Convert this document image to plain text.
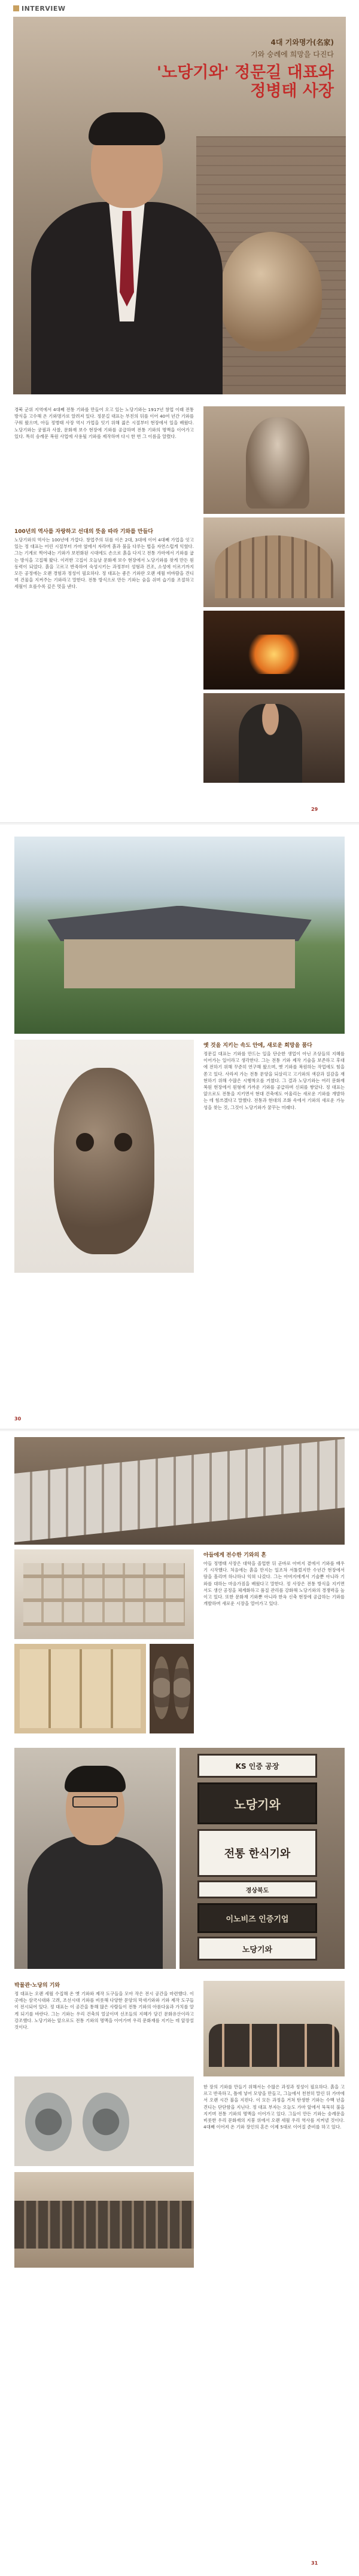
INTERVIEW
4대 기와명가(名家)
기와 숭례에 희망을 다진다
'노당기와' 정문길 대표와
정병태 사장

경북 군위 지역에서 4대째 전통 기와를 만들어 오고 있는 노당기와는 1917년 창업 이래 전통 방식을 고수해 온 기와명가로 알려져 있다. 정문길 대표는 부친의 뒤를 이어 40여 년간 기와를 구워 왔으며, 아들 정병태 사장 역시 가업을 잇기 위해 젊은 시절부터 현장에서 일을 배웠다. 노당기와는 궁궐과 사찰, 문화재 보수 현장에 기와를 공급하며 전통 기와의 명맥을 이어가고 있다. 특히 숭례문 복원 사업에 사용될 기와를 제작하며 다시 한 번 그 이름을 알렸다.

100년의 역사를 자랑하고 선대의 뜻을 따라 기와를 만들다

노당기와의 역사는 100년에 가깝다. 창업주의 뒤를 이은 2대, 3대에 이어 4대째 가업을 잇고 있는 정 대표는 어린 시절부터 가마 옆에서 자라며 흙과 불을 다루는 법을 자연스럽게 익혔다. 그는 기계로 찍어내는 기와가 보편화된 시대에도 손으로 흙을 다지고 전통 가마에서 기와를 굽는 방식을 고집해 왔다. 이러한 고집이 오늘날 문화재 보수 현장에서 노당기와를 찾게 만든 원동력이 되었다. 흙을 고르고 반죽하여 숙성시키는 과정부터 성형과 건조, 소성에 이르기까지 모든 공정에는 오랜 경험과 정성이 필요하다. 정 대표는 좋은 기와란 오랜 세월 비바람을 견디며 건물을 지켜주는 기와라고 말한다. 전통 방식으로 만든 기와는 숨을 쉬며 습기를 조절하고 세월이 흐를수록 깊은 멋을 낸다.

29
옛 것을 지키는 속도 안에, 새로운 희망을 품다

정문길 대표는 기와를 만드는 일을 단순한 생업이 아닌 조상들의 지혜를 이어가는 일이라고 생각한다. 그는 전통 기와 제작 기술을 보존하고 후대에 전하기 위해 꾸준히 연구해 왔으며, 옛 기와를 복원하는 작업에도 힘을 쏟고 있다. 사라져 가는 전통 문양을 되살리고 고기와의 색감과 질감을 재현하기 위해 수많은 시행착오를 거쳤다. 그 결과 노당기와는 여러 문화재 복원 현장에서 원형에 가까운 기와를 공급하며 신뢰를 쌓았다. 정 대표는 앞으로도 전통을 지키면서 현대 건축에도 어울리는 새로운 기와를 개발하는 데 힘쓰겠다고 말했다. 전통과 현대의 조화 속에서 기와의 새로운 가능성을 찾는 것, 그것이 노당기와가 꿈꾸는 미래다.

30
아들에게 전수한 기와의 혼

아들 정병태 사장은 대학을 졸업한 뒤 곧바로 아버지 곁에서 기와를 배우기 시작했다. 처음에는 흙을 만지는 일조차 서툴렀지만 수년간 현장에서 땀을 흘리며 하나하나 익혀 나갔다. 그는 아버지에게서 기술뿐 아니라 기와를 대하는 마음가짐을 배웠다고 말한다. 정 사장은 전통 방식을 지키면서도 생산 공정을 체계화하고 품질 관리를 강화해 노당기와의 경쟁력을 높이고 있다. 또한 문화재 기와뿐 아니라 한옥 신축 현장에 공급하는 기와를 개발하며 새로운 시장을 열어가고 있다.

KS 인증 공장
노당기와
전통 한식기와
경상북도
이노비즈 인증기업
노당기와
박물관·노당의 기와

정 대표는 오랜 세월 수집해 온 옛 기와와 제작 도구들을 모아 작은 전시 공간을 마련했다. 이곳에는 삼국시대와 고려, 조선시대 기와를 비롯해 다양한 문양의 막새기와와 기와 제작 도구들이 전시되어 있다. 정 대표는 이 공간을 통해 많은 사람들이 전통 기와의 아름다움과 가치를 알게 되기를 바란다. 그는 기와는 우리 건축의 얼굴이며 선조들의 지혜가 담긴 문화유산이라고 강조했다. 노당기와는 앞으로도 전통 기와의 명맥을 이어가며 우리 문화재를 지키는 데 앞장설 것이다.

한 장의 기와를 만들기 위해서는 수많은 과정과 정성이 필요하다. 흙을 고르고 반죽하고, 틀에 넣어 모양을 만들고, 그늘에서 천천히 말린 뒤 가마에서 오랜 시간 불을 지핀다. 이 모든 과정을 거쳐 탄생한 기와는 수백 년을 견디는 단단함을 지닌다. 정 대표 부자는 오늘도 가마 앞에서 묵묵히 불을 지키며 전통 기와의 명맥을 이어가고 있다. 그들이 만든 기와는 숭례문을 비롯한 우리 문화재의 지붕 위에서 오랜 세월 우리 역사를 지켜낼 것이다. 4대째 이어져 온 기와 장인의 혼은 이제 5대로 이어질 준비를 하고 있다.

31
